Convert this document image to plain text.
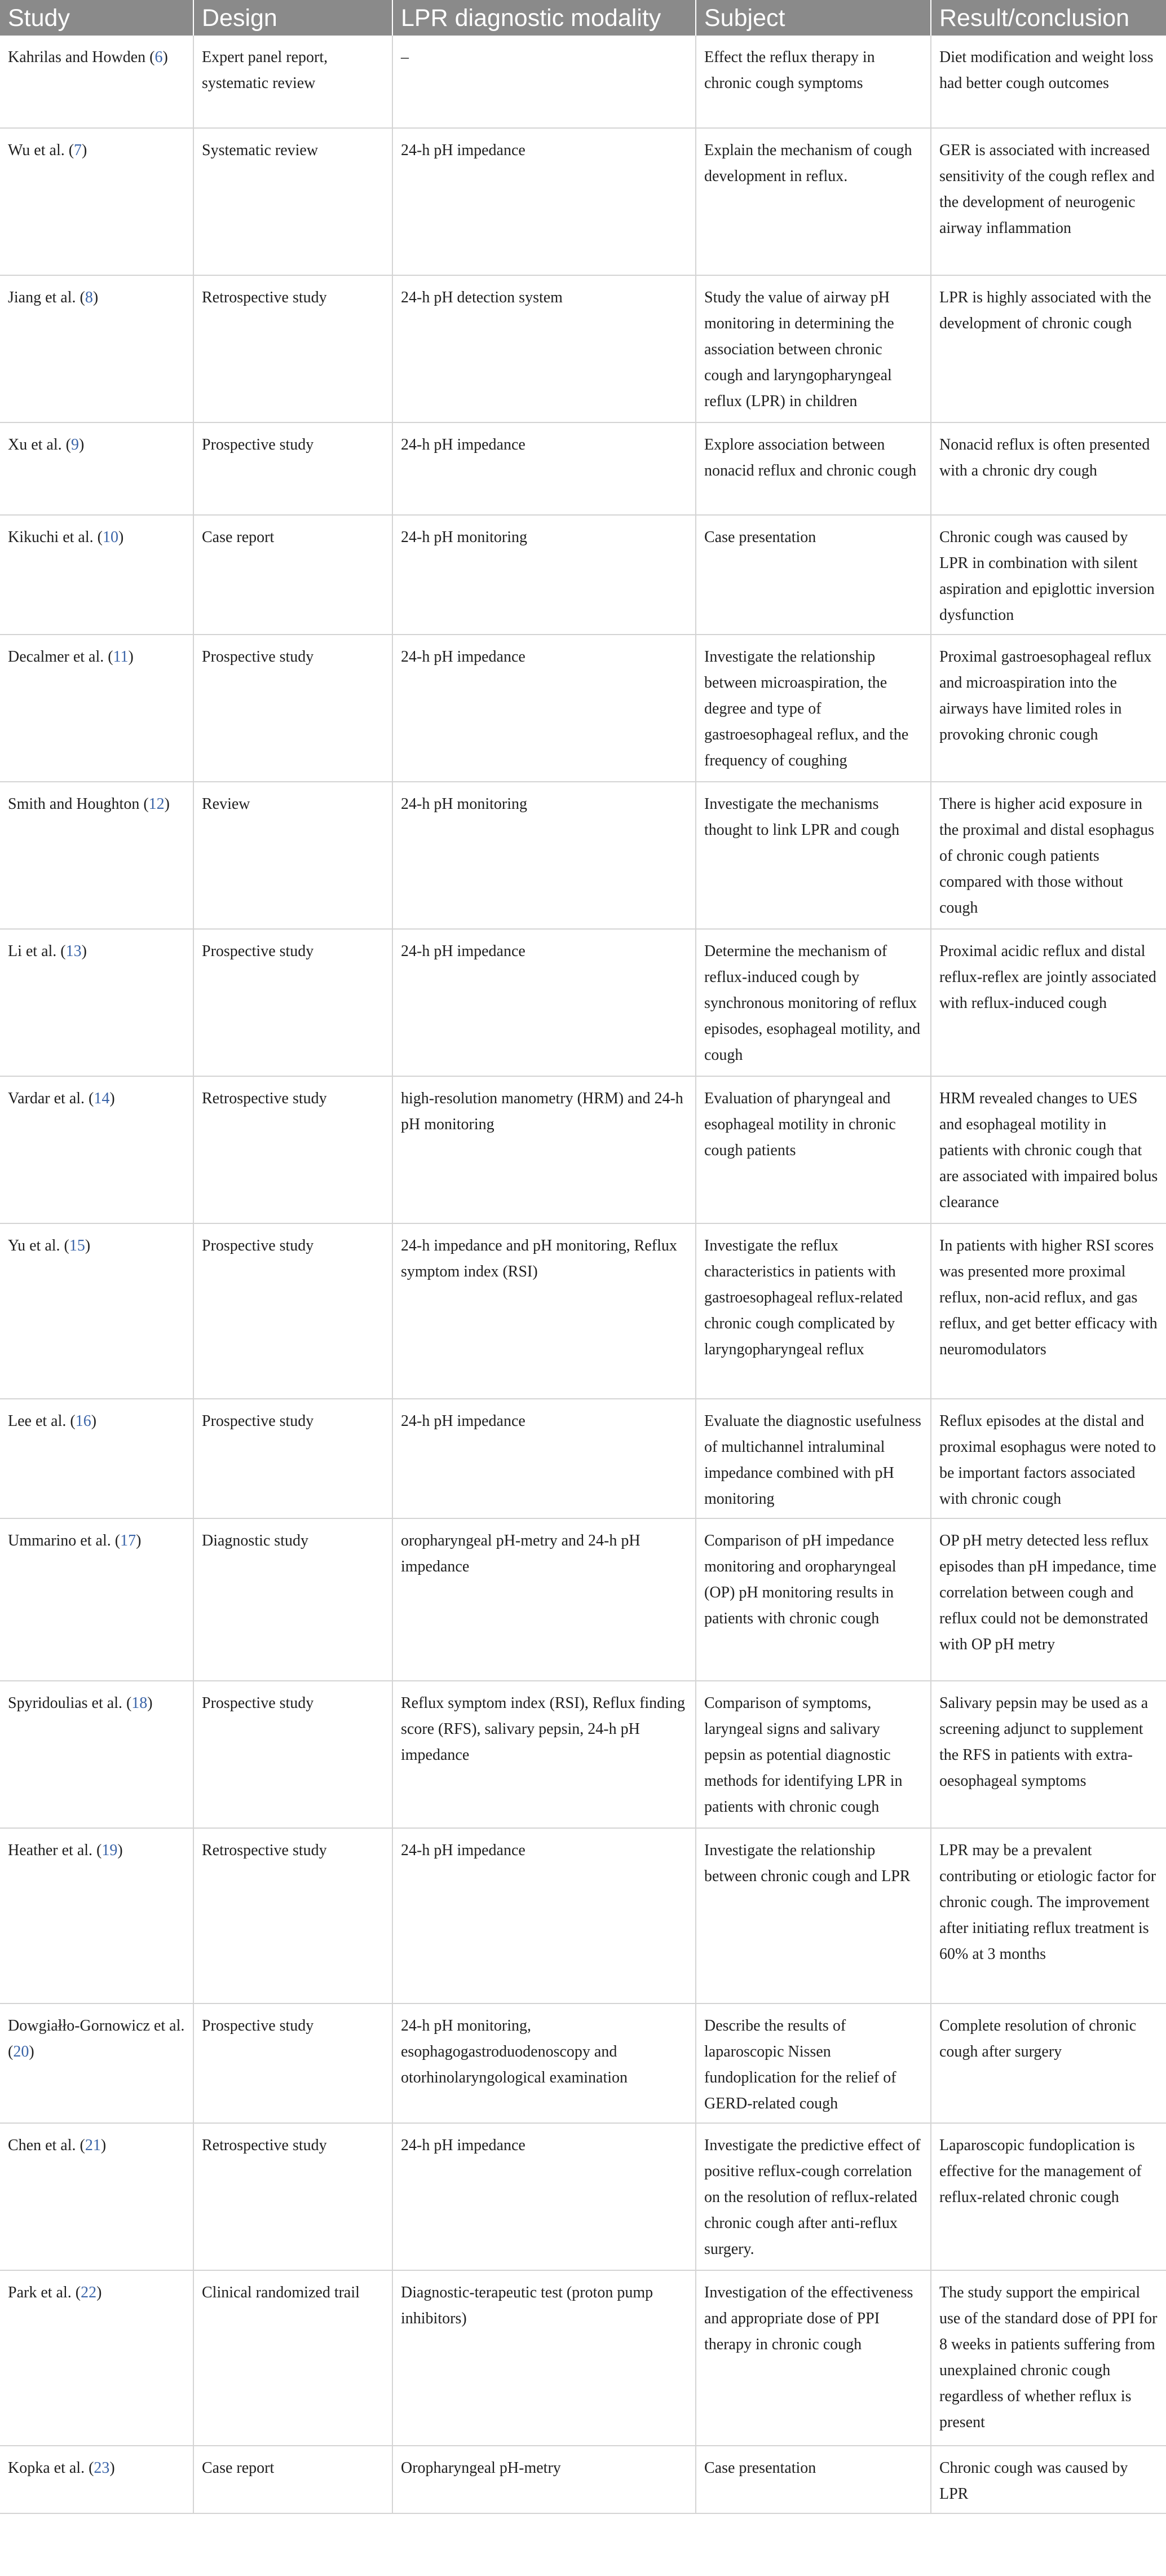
Study	Design	LPR diagnostic modality	Subject	Result/conclusion
Kahrilas and Howden (6)	Expert panel report, systematic review	–	Effect the reflux therapy in chronic cough symptoms	Diet modification and weight loss had better cough outcomes
Wu et al. (7)	Systematic review	24-h pH impedance	Explain the mechanism of cough development in reflux.	GER is associated with increased sensitivity of the cough reflex and the development of neurogenic airway inflammation
Jiang et al. (8)	Retrospective study	24-h pH detection system	Study the value of airway pH monitoring in determining the association between chronic cough and laryngopharyngeal reflux (LPR) in children	LPR is highly associated with the development of chronic cough
Xu et al. (9)	Prospective study	24-h pH impedance	Explore association between nonacid reflux and chronic cough	Nonacid reflux is often presented with a chronic dry cough
Kikuchi et al. (10)	Case report	24-h pH monitoring	Case presentation	Chronic cough was caused by LPR in combination with silent aspiration and epiglottic inversion dysfunction
Decalmer et al. (11)	Prospective study	24-h pH impedance	Investigate the relationship between microaspiration, the degree and type of gastroesophageal reflux, and the frequency of coughing	Proximal gastroesophageal reflux and microaspiration into the airways have limited roles in provoking chronic cough
Smith and Houghton (12)	Review	24-h pH monitoring	Investigate the mechanisms thought to link LPR and cough	There is higher acid exposure in the proximal and distal esophagus of chronic cough patients compared with those without cough
Li et al. (13)	Prospective study	24-h pH impedance	Determine the mechanism of reflux-induced cough by synchronous monitoring of reflux episodes, esophageal motility, and cough	Proximal acidic reflux and distal reflux-reflex are jointly associated with reflux-induced cough
Vardar et al. (14)	Retrospective study	high-resolution manometry (HRM) and 24-h pH monitoring	Evaluation of pharyngeal and esophageal motility in chronic cough patients	HRM revealed changes to UES and esophageal motility in patients with chronic cough that are associated with impaired bolus clearance
Yu et al. (15)	Prospective study	24-h impedance and pH monitoring, Reflux symptom index (RSI)	Investigate the reflux characteristics in patients with gastroesophageal reflux-related chronic cough complicated by laryngopharyngeal reflux	In patients with higher RSI scores was presented more proximal reflux, non-acid reflux, and gas reflux, and get better efficacy with neuromodulators
Lee et al. (16)	Prospective study	24-h pH impedance	Evaluate the diagnostic usefulness of multichannel intraluminal impedance combined with pH monitoring	Reflux episodes at the distal and proximal esophagus were noted to be important factors associated with chronic cough
Ummarino et al. (17)	Diagnostic study	oropharyngeal pH-metry and 24-h pH impedance	Comparison of pH impedance monitoring and oropharyngeal (OP) pH monitoring results in patients with chronic cough	OP pH metry detected less reflux episodes than pH impedance, time correlation between cough and reflux could not be demonstrated with OP pH metry
Spyridoulias et al. (18)	Prospective study	Reflux symptom index (RSI), Reflux finding score (RFS), salivary pepsin, 24-h pH impedance	Comparison of symptoms, laryngeal signs and salivary pepsin as potential diagnostic methods for identifying LPR in patients with chronic cough	Salivary pepsin may be used as a screening adjunct to supplement the RFS in patients with extra-oesophageal symptoms
Heather et al. (19)	Retrospective study	24-h pH impedance	Investigate the relationship between chronic cough and LPR	LPR may be a prevalent contributing or etiologic factor for chronic cough. The improvement after initiating reflux treatment is 60% at 3 months
Dowgiałło-Gornowicz et al. (20)	Prospective study	24-h pH monitoring, esophagogastroduodenoscopy and otorhinolaryngological examination	Describe the results of laparoscopic Nissen fundoplication for the relief of GERD-related cough	Complete resolution of chronic cough after surgery
Chen et al. (21)	Retrospective study	24-h pH impedance	Investigate the predictive effect of positive reflux-cough correlation on the resolution of reflux-related chronic cough after anti-reflux surgery.	Laparoscopic fundoplication is effective for the management of reflux-related chronic cough
Park et al. (22)	Clinical randomized trail	Diagnostic-terapeutic test (proton pump inhibitors)	Investigation of the effectiveness and appropriate dose of PPI therapy in chronic cough	The study support the empirical use of the standard dose of PPI for 8 weeks in patients suffering from unexplained chronic cough regardless of whether reflux is present
Kopka et al. (23)	Case report	Oropharyngeal pH-metry	Case presentation	Chronic cough was caused by LPR
